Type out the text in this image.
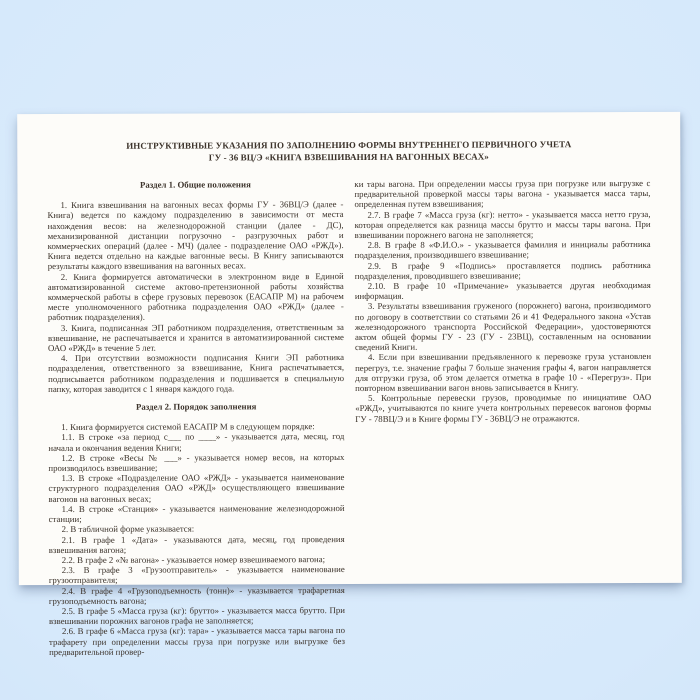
ИНСТРУКТИВНЫЕ УКАЗАНИЯ ПО ЗАПОЛНЕНИЮ ФОРМЫ ВНУТРЕННЕГО ПЕРВИЧНОГО УЧЕТА
ГУ - 36 ВЦ/Э «КНИГА ВЗВЕШИВАНИЯ НА ВАГОННЫХ ВЕСАХ»
Раздел 1. Общие положения

1. Книга взвешивания на вагонных весах формы ГУ - 36ВЦ/Э (далее - Книга) ведется по каждому подразделению в зависимости от места нахождения весов: на железнодорожной станции (далее - ДС), механизированной дистанции погрузочно - разгрузочных работ и коммерческих операций (далее - МЧ) (далее - подразделение ОАО «РЖД»). Книга ведется отдельно на каждые вагонные весы. В Книгу записываются результаты каждого взвешивания на вагонных весах.

2. Книга формируется автоматически в электронном виде в Единой автоматизированной системе актово-претензионной работы хозяйства коммерческой работы в сфере грузовых перевозок (ЕАСАПР М) на рабочем месте уполномоченного работника подразделения ОАО «РЖД» (далее - работник подразделения).

3. Книга, подписанная ЭП работником подразделения, ответственным за взвешивание, не распечатывается и хранится в автоматизированной системе ОАО «РЖД» в течение 5 лет.

4. При отсутствии возможности подписания Книги ЭП работника подразделения, ответственного за взвешивание, Книга распечатывается, подписывается работником подразделения и подшивается в специальную папку, которая заводится с 1 января каждого года.

Раздел 2. Порядок заполнения

1. Книга формируется системой ЕАСАПР М в следующем порядке:

1.1. В строке «за период с___ по ____» - указывается дата, месяц, год начала и окончания ведения Книги;

1.2. В строке «Весы № ___» - указывается номер весов, на которых производилось взвешивание;

1.3. В строке «Подразделение ОАО «РЖД» - указывается наименование структурного подразделения ОАО «РЖД» осуществляющего взвешивание вагонов на вагонных весах;

1.4. В строке «Станция» - указывается наименование железнодорожной станции;

2. В табличной форме указывается:

2.1. В графе 1 «Дата» - указываются дата, месяц, год проведения взвешивания вагона;

2.2. В графе 2 «№ вагона» - указывается номер взвешиваемого вагона;

2.3. В графе 3 «Грузоотправитель» - указывается наименование грузоотправителя;

2.4. В графе 4 «Грузоподъемность (тонн)» - указывается трафаретная грузоподъемность вагона;

2.5. В графе 5 «Масса груза (кг): брутто» - указывается масса брутто. При взвешивании порожних вагонов графа не заполняется;

2.6. В графе 6 «Масса груза (кг): тара» - указывается масса тары вагона по трафарету при определении массы груза при погрузке или выгрузке без предварительной провер-

ки тары вагона. При определении массы груза при погрузке или выгрузке с предварительной проверкой массы тары вагона - указывается масса тары, определенная путем взвешивания;

2.7. В графе 7 «Масса груза (кг): нетто» - указывается масса нетто груза, которая определяется как разница массы брутто и массы тары вагона. При взвешивании порожнего вагона не заполняется;

2.8. В графе 8 «Ф.И.О.» - указывается фамилия и инициалы работника подразделения, производившего взвешивание;

2.9. В графе 9 «Подпись» проставляется подпись работника подразделения, проводившего взвешивание;

2.10. В графе 10 «Примечание» указывается другая необходимая информация.

3. Результаты взвешивания груженого (порожнего) вагона, производимого по договору в соответствии со статьями 26 и 41 Федерального закона «Устав железнодорожного транспорта Российской Федерации», удостоверяются актом общей формы ГУ - 23 (ГУ - 23ВЦ), составленным на основании сведений Книги.

4. Если при взвешивании предъявленного к перевозке груза установлен перегруз, т.е. значение графы 7 больше значения графы 4, вагон направляется для отгрузки груза, об этом делается отметка в графе 10 - «Перегруз». При повторном взвешивании вагон вновь записывается в Книгу.

5. Контрольные перевески грузов, проводимые по инициативе ОАО «РЖД», учитываются по книге учета контрольных перевесок вагонов формы ГУ - 78ВЦ/Э и в Книге формы ГУ - 36ВЦ/Э не отражаются.
